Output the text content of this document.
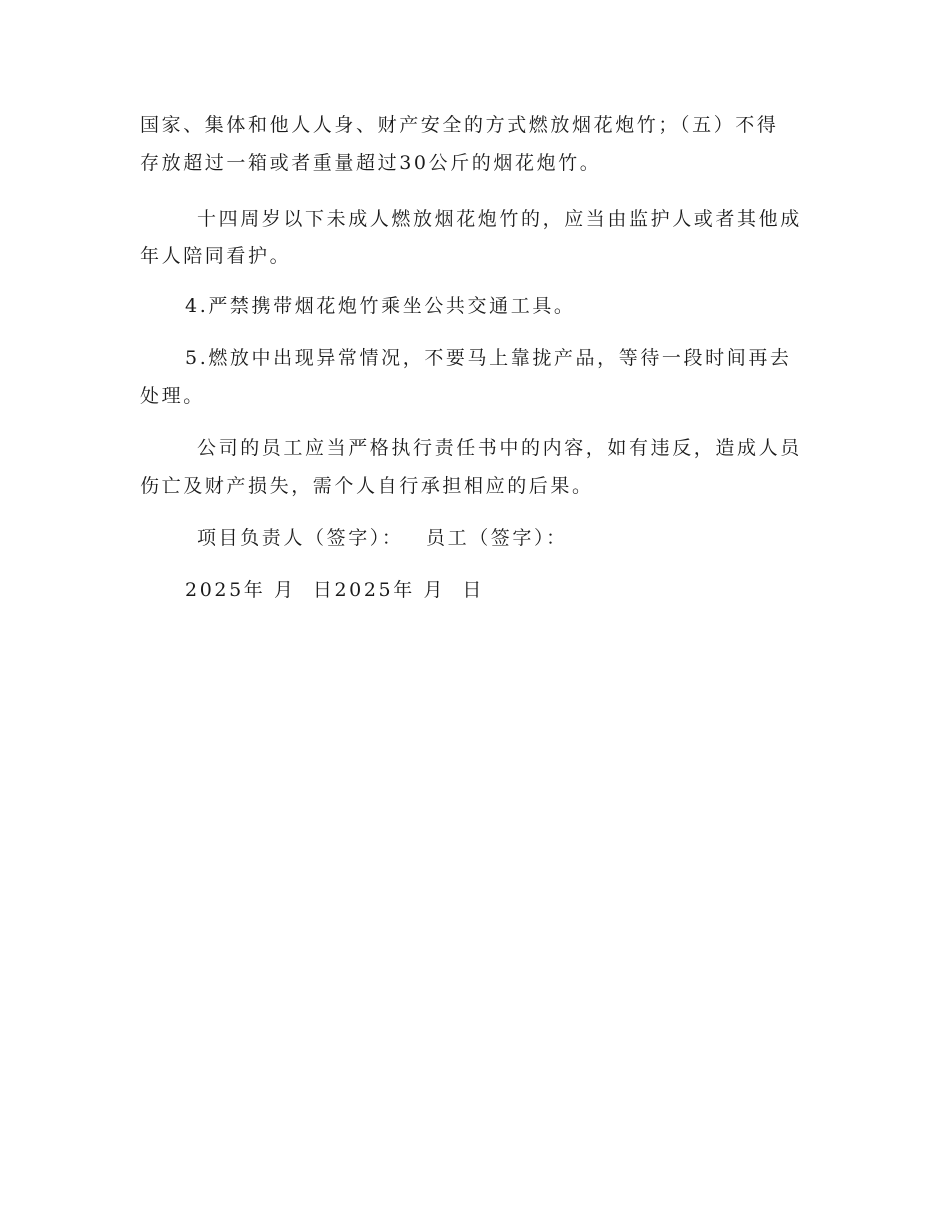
国家、集体和他人人身、财产安全的方式燃放烟花炮竹；（五）不得
存放超过一箱或者重量超过30公斤的烟花炮竹。
十四周岁以下未成人燃放烟花炮竹的，应当由监护人或者其他成
年人陪同看护。
4.严禁携带烟花炮竹乘坐公共交通工具。
5.燃放中出现异常情况，不要马上靠拢产品，等待一段时间再去
处理。
公司的员工应当严格执行责任书中的内容，如有违反，造成人员
伤亡及财产损失，需个人自行承担相应的后果。
项目负责人（签字）： 员工（签字）：
2025年 月  日2025年 月  日
